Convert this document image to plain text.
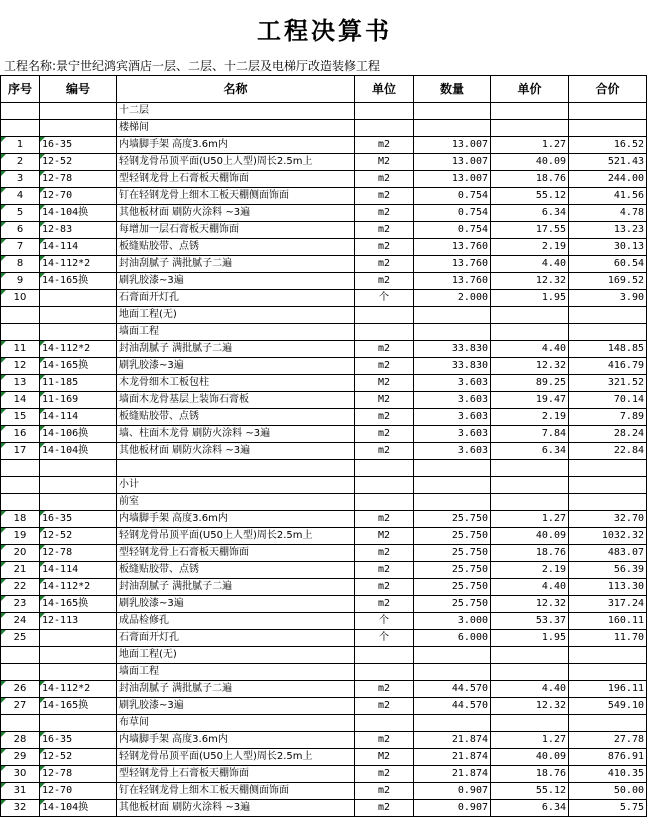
工程决算书
工程名称:景宁世纪鸿宾酒店一层、二层、十二层及电梯厅改造装修工程
序号	编号	名称	单位	数量	单价	合价
		十二层				
		楼梯间				
1	16-35	内墙脚手架 高度3.6m内	m2	13.007	1.27	16.52
2	12-52	轻钢龙骨吊顶平面(U50上人型)周长2.5m上	M2	13.007	40.09	521.43
3	12-78	型轻钢龙骨上石膏板天棚饰面	m2	13.007	18.76	244.00
4	12-70	钉在轻钢龙骨上细木工板天棚侧面饰面	m2	0.754	55.12	41.56
5	14-104换	其他板材面 刷防火涂料 ~3遍	m2	0.754	6.34	4.78
6	12-83	每增加一层石膏板天棚饰面	m2	0.754	17.55	13.23
7	14-114	板缝贴胶带、点锈	m2	13.760	2.19	30.13
8	14-112*2	封油刮腻子 满批腻子二遍	m2	13.760	4.40	60.54
9	14-165换	刷乳胶漆~3遍	m2	13.760	12.32	169.52
10		石膏面开灯孔	个	2.000	1.95	3.90
		地面工程(无)				
		墙面工程				
11	14-112*2	封油刮腻子 满批腻子二遍	m2	33.830	4.40	148.85
12	14-165换	刷乳胶漆~3遍	m2	33.830	12.32	416.79
13	11-185	木龙骨细木工板包柱	M2	3.603	89.25	321.52
14	11-169	墙面木龙骨基层上装饰石膏板	M2	3.603	19.47	70.14
15	14-114	板缝贴胶带、点锈	m2	3.603	2.19	7.89
16	14-106换	墙、柱面木龙骨 刷防火涂料 ~3遍	m2	3.603	7.84	28.24
17	14-104换	其他板材面 刷防火涂料 ~3遍	m2	3.603	6.34	22.84

		小计				
		前室				
18	16-35	内墙脚手架 高度3.6m内	m2	25.750	1.27	32.70
19	12-52	轻钢龙骨吊顶平面(U50上人型)周长2.5m上	M2	25.750	40.09	1032.32
20	12-78	型轻钢龙骨上石膏板天棚饰面	m2	25.750	18.76	483.07
21	14-114	板缝贴胶带、点锈	m2	25.750	2.19	56.39
22	14-112*2	封油刮腻子 满批腻子二遍	m2	25.750	4.40	113.30
23	14-165换	刷乳胶漆~3遍	m2	25.750	12.32	317.24
24	12-113	成品检修孔	个	3.000	53.37	160.11
25		石膏面开灯孔	个	6.000	1.95	11.70
		地面工程(无)				
		墙面工程				
26	14-112*2	封油刮腻子 满批腻子二遍	m2	44.570	4.40	196.11
27	14-165换	刷乳胶漆~3遍	m2	44.570	12.32	549.10
		布草间				
28	16-35	内墙脚手架 高度3.6m内	m2	21.874	1.27	27.78
29	12-52	轻钢龙骨吊顶平面(U50上人型)周长2.5m上	M2	21.874	40.09	876.91
30	12-78	型轻钢龙骨上石膏板天棚饰面	m2	21.874	18.76	410.35
31	12-70	钉在轻钢龙骨上细木工板天棚侧面饰面	m2	0.907	55.12	50.00
32	14-104换	其他板材面 刷防火涂料 ~3遍	m2	0.907	6.34	5.75
